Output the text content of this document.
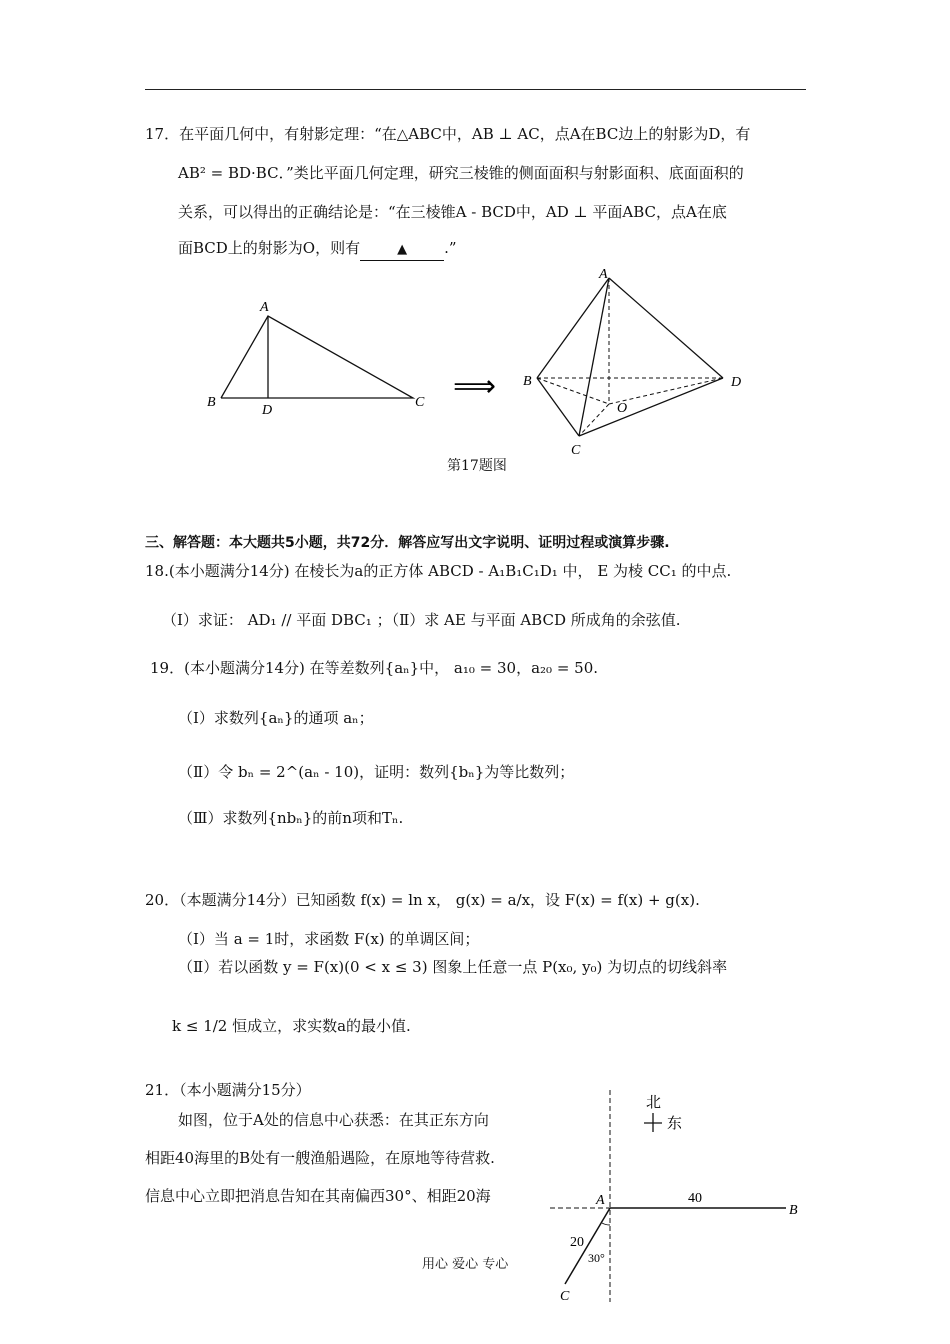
17．在平面几何中，有射影定理：“在△ABC中，AB ⊥ AC，点A在BC边上的射影为D，有
AB² = BD·BC．”类比平面几何定理，研究三棱锥的侧面面积与射影面积、底面面积的
关系，可以得出的正确结论是：“在三棱锥A - BCD中，AD ⊥ 平面ABC，点A在底
面BCD上的射影为O，则有	▲ .”
A
B	C
D
⟹
A
B	D
O
C
第17题图
三、解答题：本大题共5小题，共72分．解答应写出文字说明、证明过程或演算步骤.
18.(本小题满分14分) 在棱长为a的正方体 ABCD - A₁B₁C₁D₁ 中， E 为棱 CC₁ 的中点.
（Ⅰ）求证： AD₁ // 平面 DBC₁ ；（Ⅱ）求 AE 与平面 ABCD 所成角的余弦值.
19．(本小题满分14分) 在等差数列{aₙ}中， a₁₀ = 30，a₂₀ = 50.
（Ⅰ）求数列{aₙ}的通项 aₙ；
（Ⅱ）令 bₙ = 2^(aₙ - 10)，证明：数列{bₙ}为等比数列；
（Ⅲ）求数列{nbₙ}的前n项和Tₙ.
20．（本题满分14分）已知函数 f(x) = ln x， g(x) = a/x，设 F(x) = f(x) + g(x).
（Ⅰ）当 a = 1时，求函数 F(x) 的单调区间；
（Ⅱ）若以函数 y = F(x)(0 < x ≤ 3) 图象上任意一点 P(x₀, y₀) 为切点的切线斜率
k ≤ 1/2 恒成立，求实数a的最小值.
21．（本小题满分15分）
如图，位于A处的信息中心获悉：在其正东方向
相距40海里的B处有一艘渔船遇险，在原地等待营救.
信息中心立即把消息告知在其南偏西30°、相距20海
北
东
A
B
C
40
20
30°
用心 爱心 专心
